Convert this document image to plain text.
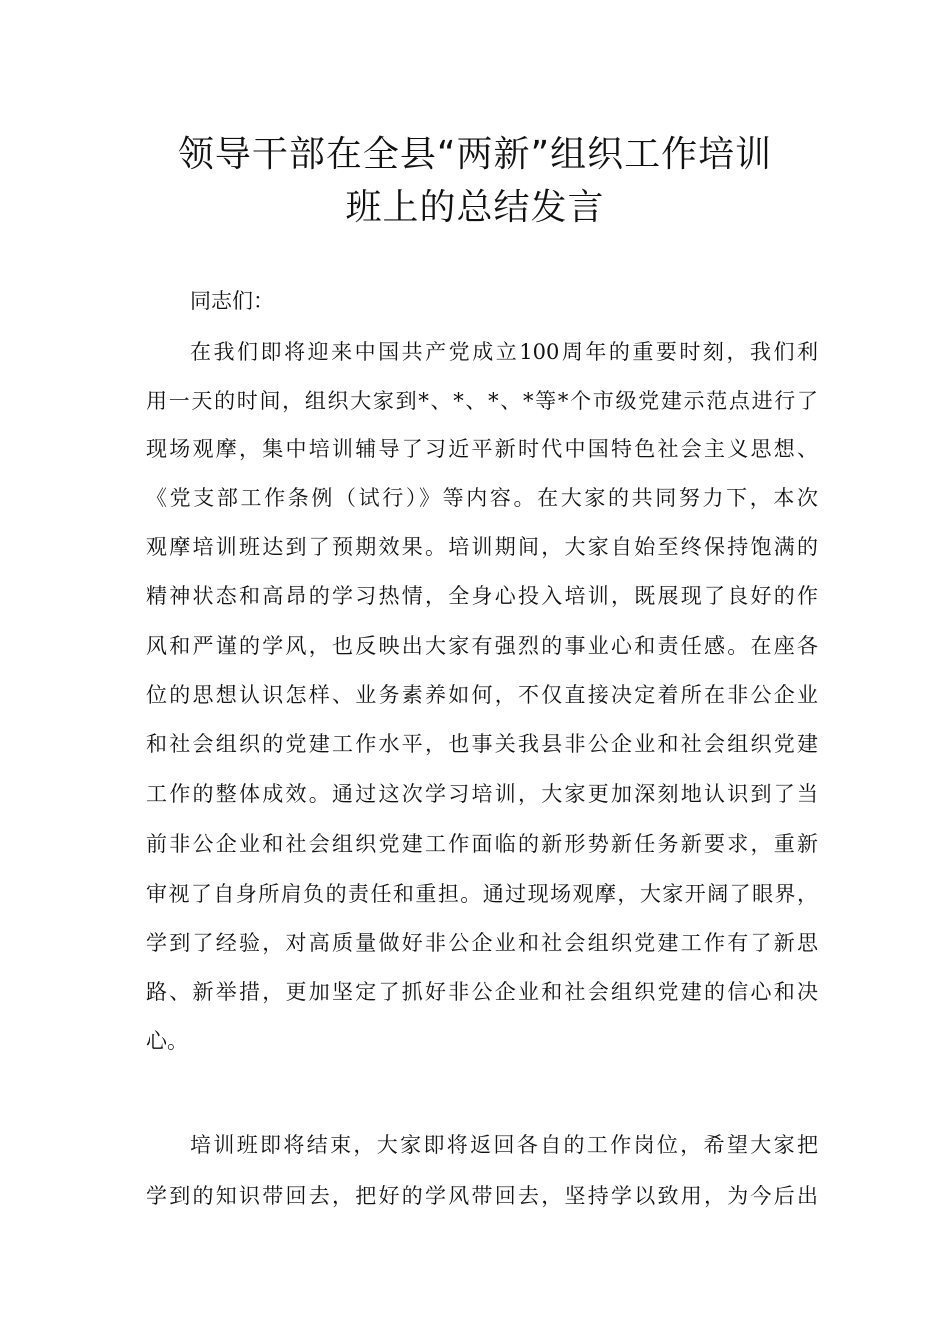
领导干部在全县“两新”组织工作培训
班上的总结发言
同志们：
在我们即将迎来中国共产党成立100周年的重要时刻，我们利
用一天的时间，组织大家到*、*、*、*等*个市级党建示范点进行了
现场观摩，集中培训辅导了习近平新时代中国特色社会主义思想、
《党支部工作条例（试行）》等内容。在大家的共同努力下，本次
观摩培训班达到了预期效果。培训期间，大家自始至终保持饱满的
精神状态和高昂的学习热情，全身心投入培训，既展现了良好的作
风和严谨的学风，也反映出大家有强烈的事业心和责任感。在座各
位的思想认识怎样、业务素养如何，不仅直接决定着所在非公企业
和社会组织的党建工作水平，也事关我县非公企业和社会组织党建
工作的整体成效。通过这次学习培训，大家更加深刻地认识到了当
前非公企业和社会组织党建工作面临的新形势新任务新要求，重新
审视了自身所肩负的责任和重担。通过现场观摩，大家开阔了眼界，
学到了经验，对高质量做好非公企业和社会组织党建工作有了新思
路、新举措，更加坚定了抓好非公企业和社会组织党建的信心和决
心。
培训班即将结束，大家即将返回各自的工作岗位，希望大家把
学到的知识带回去，把好的学风带回去，坚持学以致用，为今后出
